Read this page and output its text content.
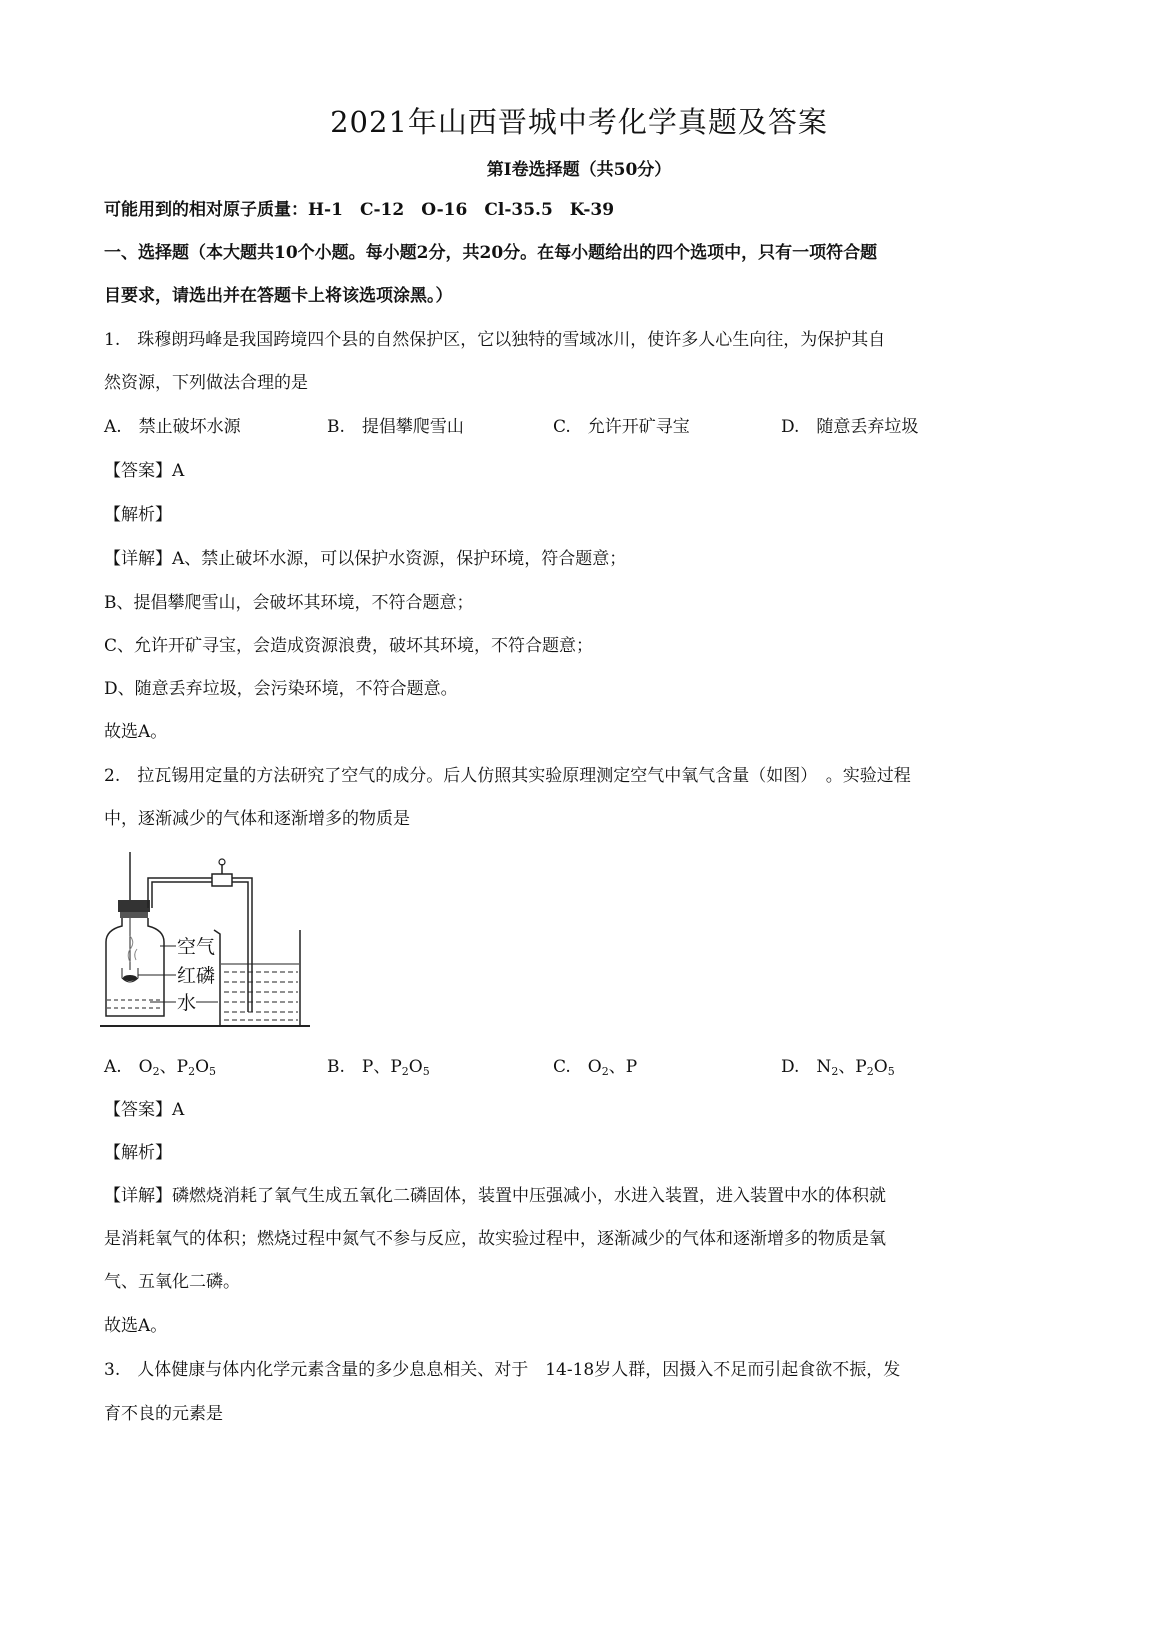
2021年山西晋城中考化学真题及答案
第Ⅰ卷选择题（共50分）
可能用到的相对原子质量：H-1　C-12　O-16　Cl-35.5　K-39
一、选择题（本大题共10个小题。每小题2分，共20分。在每小题给出的四个选项中，只有一项符合题
目要求，请选出并在答题卡上将该选项涂黑。）
1.　珠穆朗玛峰是我国跨境四个县的自然保护区，它以独特的雪域冰川，使许多人心生向往，为保护其自
然资源，下列做法合理的是
A.　禁止破坏水源	B.　提倡攀爬雪山	C.　允许开矿寻宝	D.　随意丢弃垃圾
【答案】A
【解析】
【详解】A、禁止破坏水源，可以保护水资源，保护环境，符合题意；
B、提倡攀爬雪山，会破坏其环境，不符合题意；
C、允许开矿寻宝，会造成资源浪费，破坏其环境，不符合题意；
D、随意丢弃垃圾，会污染环境，不符合题意。
故选A。
2.　拉瓦锡用定量的方法研究了空气的成分。后人仿照其实验原理测定空气中氧气含量（如图）　。实验过程
中，逐渐减少的气体和逐渐增多的物质是
空气
红磷
水
A.　$O_2$、$P_2O_5$	B.　P、$P_2O_5$	C.　$O_2$、P	D.　$N_2$、$P_2O_5$
【答案】A
【解析】
【详解】磷燃烧消耗了氧气生成五氧化二磷固体，装置中压强减小，水进入装置，进入装置中水的体积就
是消耗氧气的体积；燃烧过程中氮气不参与反应，故实验过程中，逐渐减少的气体和逐渐增多的物质是氧
气、五氧化二磷。
故选A。
3.　人体健康与体内化学元素含量的多少息息相关、对于　14-18岁人群，因摄入不足而引起食欲不振，发
育不良的元素是
